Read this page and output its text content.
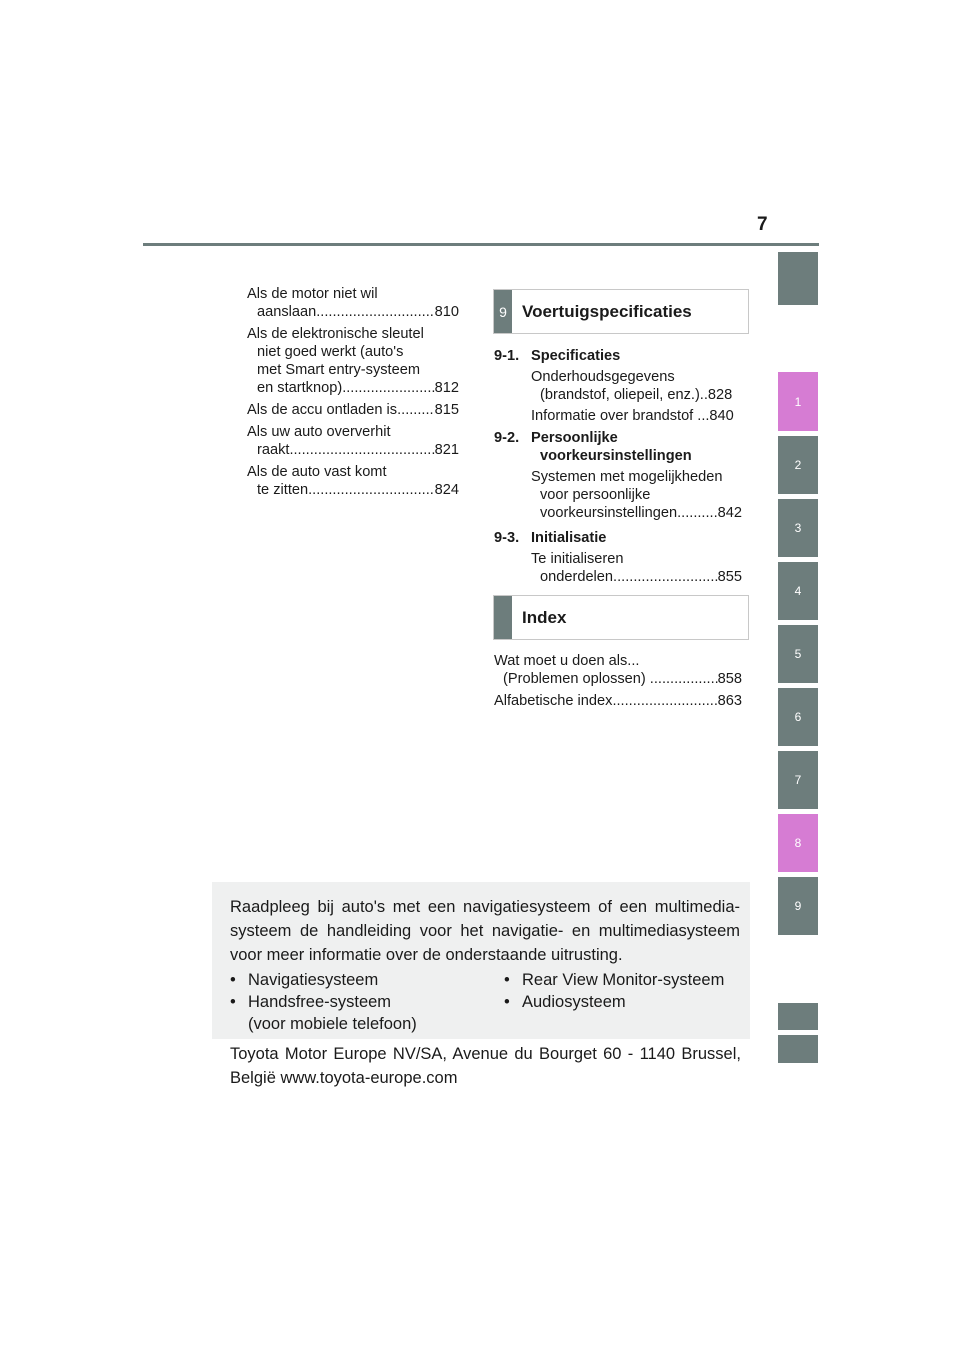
7
1
2
3
4
5
6
7
8
9
Als de motor niet wil
aanslaan .....	810
Als de elektronische sleutel
niet goed werkt (auto's
met Smart entry-systeem
en startknop) .....	812
Als de accu ontladen is .....	815
Als uw auto oververhit
raakt .....	821
Als de auto vast komt
te zitten .....	824
9 Voertuigspecificaties
9-1. Specificaties
Onderhoudsgegevens
(brandstof, oliepeil, enz.). ..... 828
Informatie over brandstof .. ..... 840
9-2. Persoonlijke
voorkeursinstellingen
Systemen met mogelijkheden
voor persoonlijke
voorkeursinstellingen .....	842
9-3. Initialisatie
Te initialiseren
onderdelen .....	855
Index
Wat moet u doen als...
(Problemen oplossen) .....	858
Alfabetische index .....	863
Raadpleeg bij auto's met een navigatiesysteem of een multimedia-systeem de handleiding voor het navigatie- en multimediasysteem voor meer informatie over de onderstaande uitrusting.
• Navigatiesysteem
• Handsfree-systeem
(voor mobiele telefoon)
• Rear View Monitor-systeem
• Audiosysteem
Toyota Motor Europe NV/SA, Avenue du Bourget 60 - 1140 Brussel, België www.toyota-europe.com
